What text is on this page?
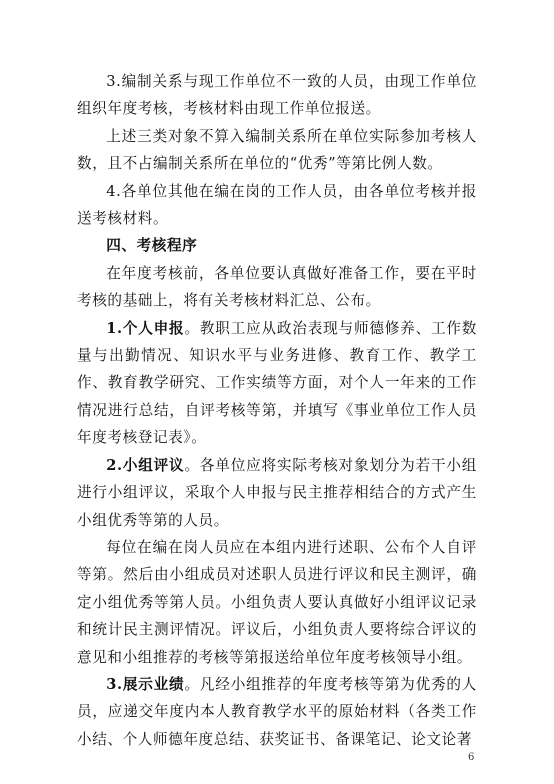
3.编制关系与现工作单位不一致的人员，由现工作单位组织年度考核，考核材料由现工作单位报送。

上述三类对象不算入编制关系所在单位实际参加考核人数，且不占编制关系所在单位的“优秀”等第比例人数。

4.各单位其他在编在岗的工作人员，由各单位考核并报送考核材料。

四、考核程序

在年度考核前，各单位要认真做好准备工作，要在平时考核的基础上，将有关考核材料汇总、公布。

1.个人申报。教职工应从政治表现与师德修养、工作数量与出勤情况、知识水平与业务进修、教育工作、教学工作、教育教学研究、工作实绩等方面，对个人一年来的工作情况进行总结，自评考核等第，并填写《事业单位工作人员年度考核登记表》。

2.小组评议。各单位应将实际考核对象划分为若干小组进行小组评议，采取个人申报与民主推荐相结合的方式产生小组优秀等第的人员。

每位在编在岗人员应在本组内进行述职、公布个人自评等第。然后由小组成员对述职人员进行评议和民主测评，确定小组优秀等第人员。小组负责人要认真做好小组评议记录和统计民主测评情况。评议后，小组负责人要将综合评议的意见和小组推荐的考核等第报送给单位年度考核领导小组。

3.展示业绩。凡经小组推荐的年度考核等第为优秀的人员，应递交年度内本人教育教学水平的原始材料（各类工作小结、个人师德年度总结、获奖证书、备课笔记、论文论著

6
